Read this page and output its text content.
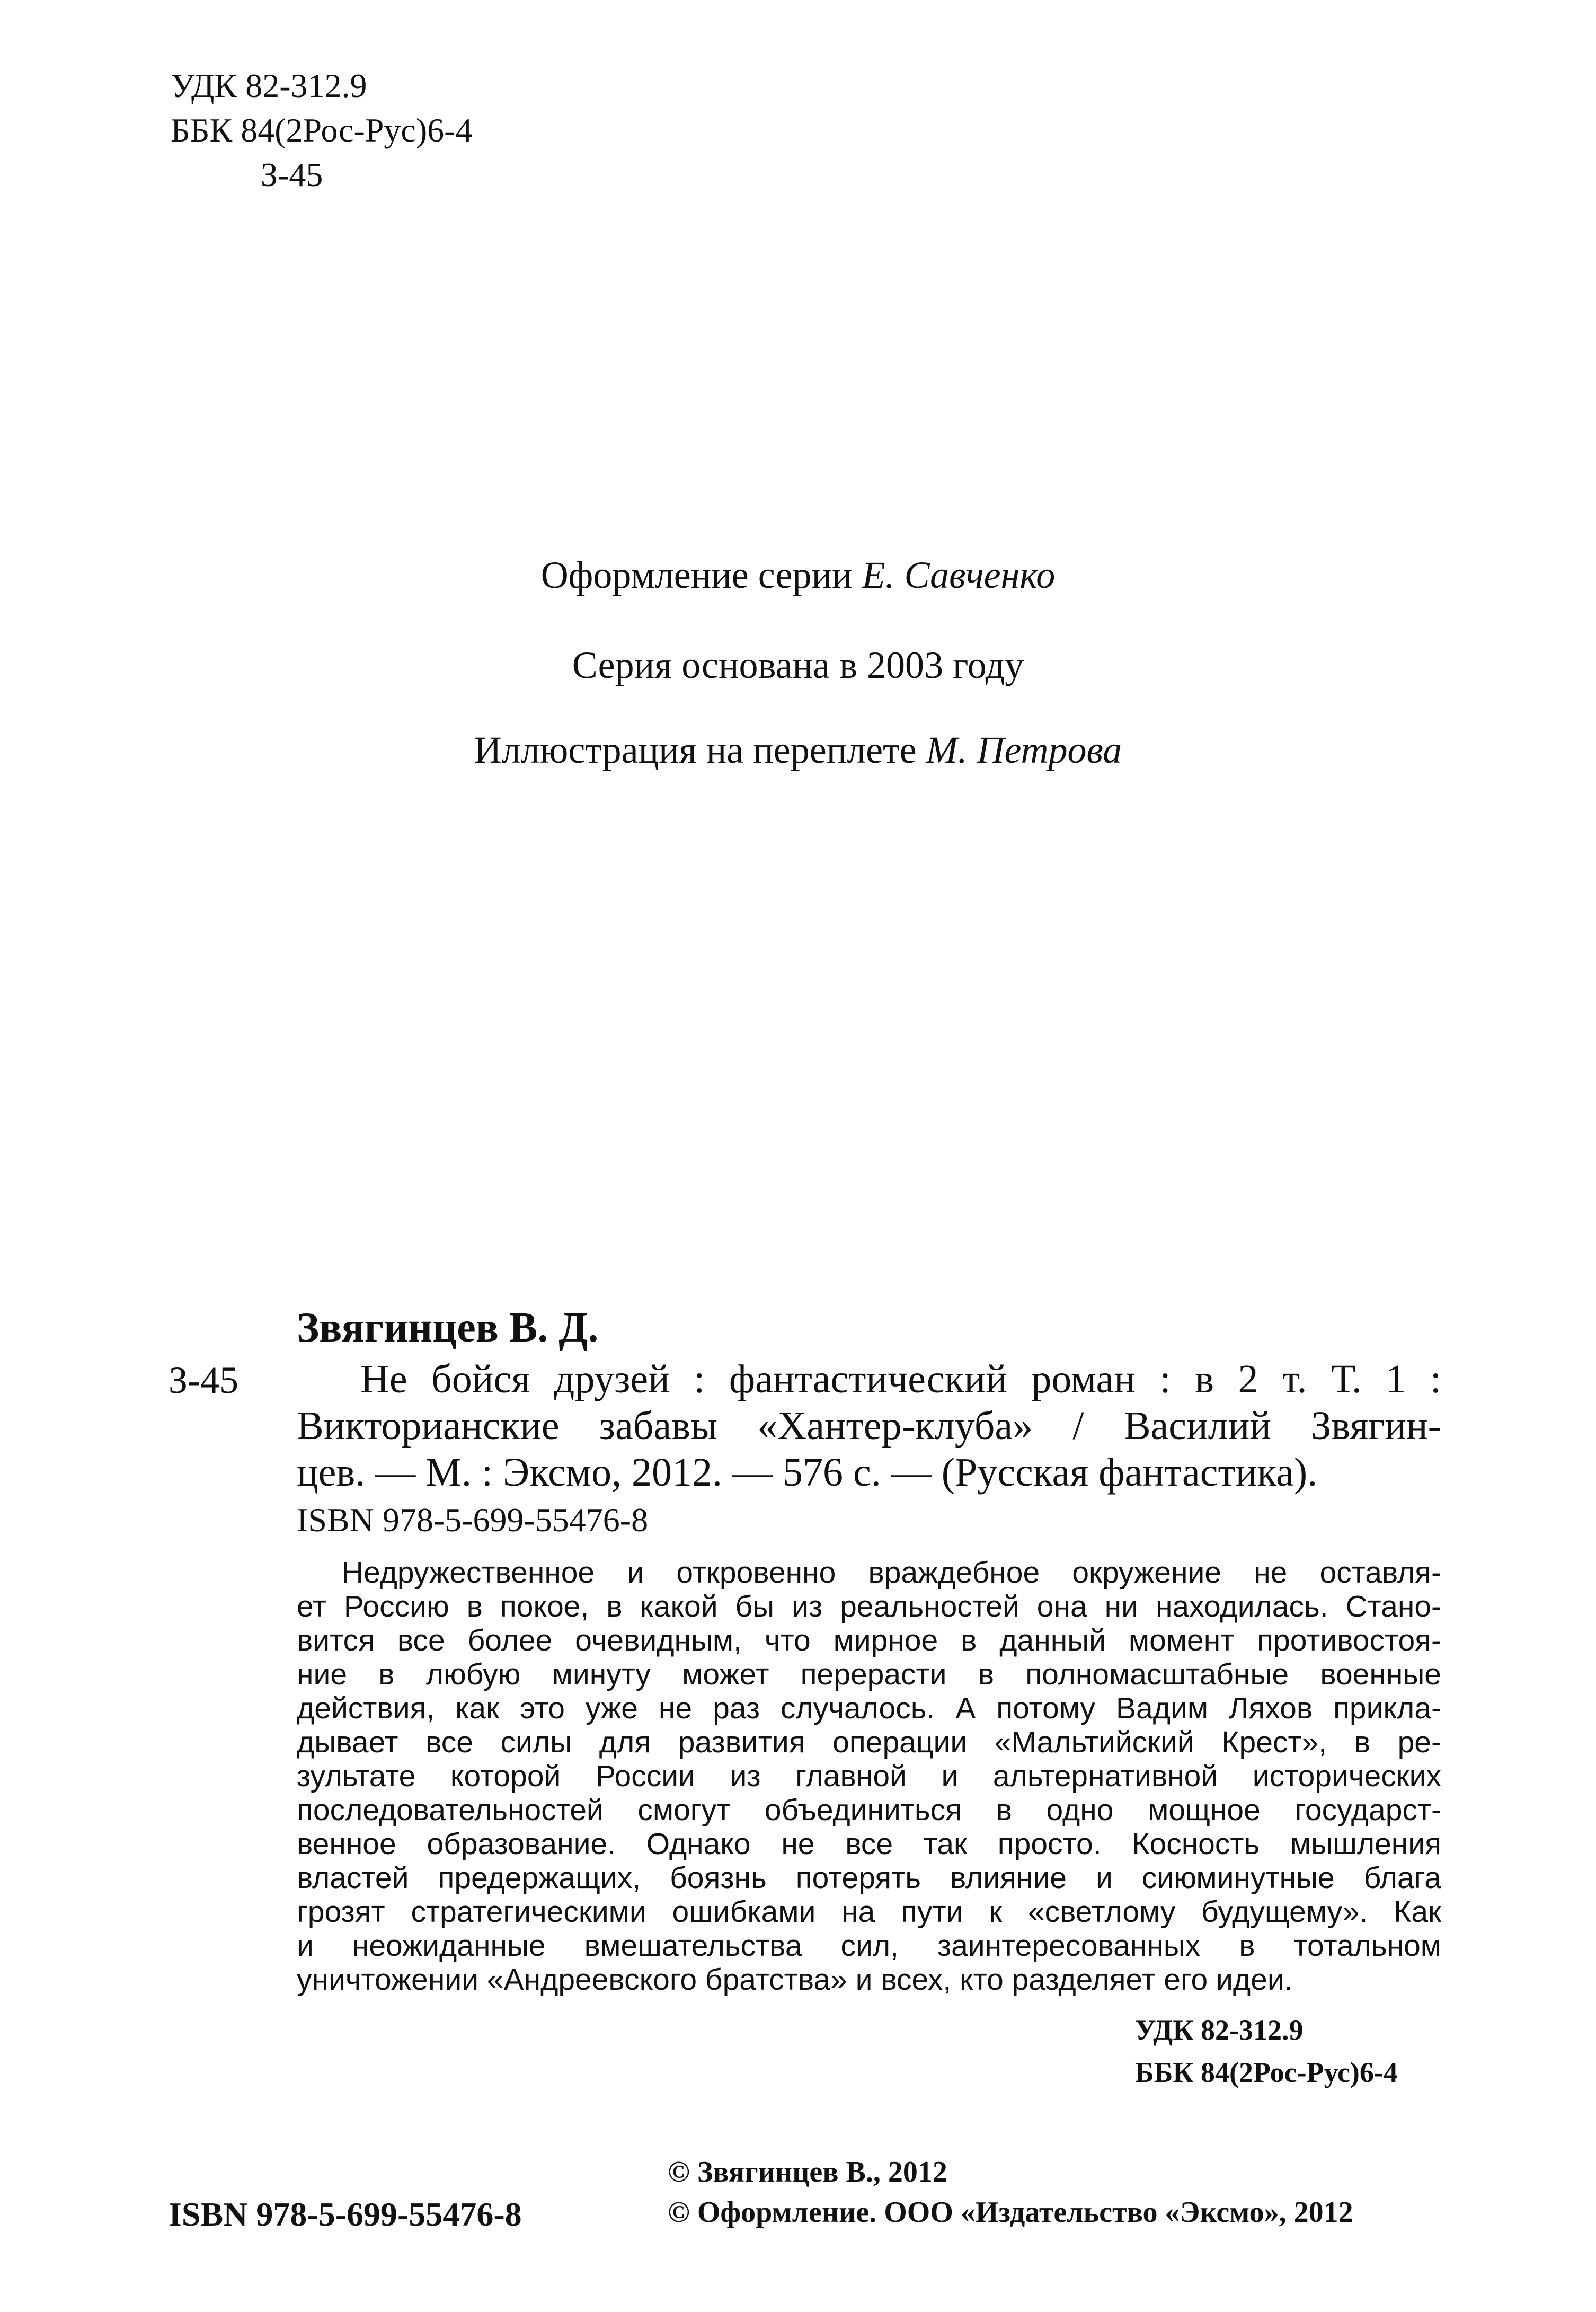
УДК 82-312.9
ББК 84(2Рос-Рус)6-4
З-45
Оформление серии Е. Савченко
Серия основана в 2003 году
Иллюстрация на переплете М. Петрова
Звягинцев В. Д.
З-45	Не бойся друзей : фантастический роман : в 2 т. Т. 1 :
Викторианские забавы «Хантер-клуба» / Василий Звягин-
цев. — М. : Эксмо, 2012. — 576 с. — (Русская фантастика).
ISBN 978-5-699-55476-8
Недружественное и откровенно враждебное окружение не оставля-
ет Россию в покое, в какой бы из реальностей она ни находилась. Стано-
вится все более очевидным, что мирное в данный момент противостоя-
ние в любую минуту может перерасти в полномасштабные военные
действия, как это уже не раз случалось. А потому Вадим Ляхов прикла-
дывает все силы для развития операции «Мальтийский Крест», в ре-
зультате которой России из главной и альтернативной исторических
последовательностей смогут объединиться в одно мощное государст-
венное образование. Однако не все так просто. Косность мышления
властей предержащих, боязнь потерять влияние и сиюминутные блага
грозят стратегическими ошибками на пути к «светлому будущему». Как
и неожиданные вмешательства сил, заинтересованных в тотальном
уничтожении «Андреевского братства» и всех, кто разделяет его идеи.
УДК 82-312.9
ББК 84(2Рос-Рус)6-4
ISBN 978-5-699-55476-8
© Звягинцев В., 2012
© Оформление. ООО «Издательство «Эксмо», 2012
